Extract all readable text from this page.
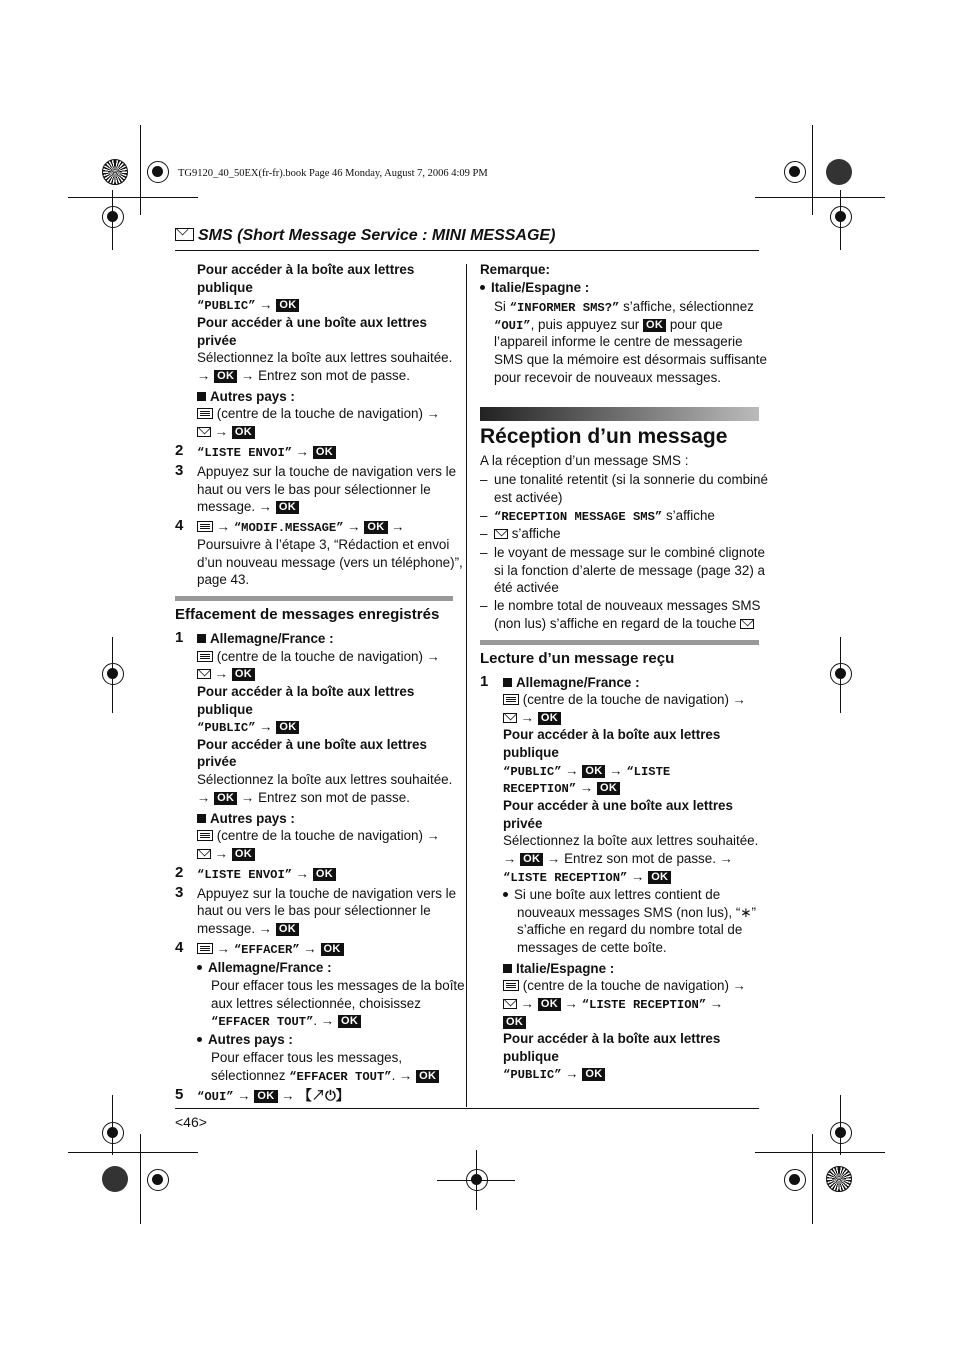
TG9120_40_50EX(fr-fr).book Page 46 Monday, August 7, 2006 4:09 PM
SMS (Short Message Service : MINI MESSAGE)
Pour accéder à la boîte aux lettres
publique
“PUBLIC” → OK
Pour accéder à une boîte aux lettres
privée
Sélectionnez la boîte aux lettres souhaitée.
→ OK → Entrez son mot de passe.
Autres pays :
(centre de la touche de navigation) →
→ OK
2 “LISTE ENVOI” → OK
3 Appuyez sur la touche de navigation vers le
haut ou vers le bas pour sélectionner le
message. → OK
4	→ “MODIF.MESSAGE” → OK →
Poursuivre à l’étape 3, “Rédaction et envoi
d’un nouveau message (vers un téléphone)”,
page 43.
Effacement de messages enregistrés
1	Allemagne/France :
(centre de la touche de navigation) →
→ OK
Pour accéder à la boîte aux lettres
publique
“PUBLIC” → OK
Pour accéder à une boîte aux lettres
privée
Sélectionnez la boîte aux lettres souhaitée.
→ OK → Entrez son mot de passe.
Autres pays :
(centre de la touche de navigation) →
→ OK
2 “LISTE ENVOI” → OK
3 Appuyez sur la touche de navigation vers le
haut ou vers le bas pour sélectionner le
message. → OK
4	→ “EFFACER” → OK
Allemagne/France :
Pour effacer tous les messages de la boîte
aux lettres sélectionnée, choisissez
“EFFACER TOUT”. → OK
Autres pays :
Pour effacer tous les messages,
sélectionnez “EFFACER TOUT”. → OK
5 “OUI” → OK → 【↗⏻】
<46>
Remarque:
Italie/Espagne :
Si “INFORMER SMS?” s’affiche, sélectionnez
“OUI”, puis appuyez sur OK pour que
l’appareil informe le centre de messagerie
SMS que la mémoire est désormais suffisante
pour recevoir de nouveaux messages.
Réception d’un message
A la réception d’un message SMS :
– une tonalité retentit (si la sonnerie du combiné
est activée)
– “RECEPTION MESSAGE SMS” s’affiche
–	s’affiche
– le voyant de message sur le combiné clignote
si la fonction d’alerte de message (page 32) a
été activée
– le nombre total de nouveaux messages SMS
(non lus) s’affiche en regard de la touche
Lecture d’un message reçu
1	Allemagne/France :
(centre de la touche de navigation) →
→ OK
Pour accéder à la boîte aux lettres
publique
“PUBLIC” → OK → “LISTE
RECEPTION” → OK
Pour accéder à une boîte aux lettres
privée
Sélectionnez la boîte aux lettres souhaitée.
→ OK → Entrez son mot de passe. →
“LISTE RECEPTION” → OK
Si une boîte aux lettres contient de
nouveaux messages SMS (non lus), “∗”
s’affiche en regard du nombre total de
messages de cette boîte.
Italie/Espagne :
(centre de la touche de navigation) →
→ OK → “LISTE RECEPTION” →
OK
Pour accéder à la boîte aux lettres
publique
“PUBLIC” → OK
